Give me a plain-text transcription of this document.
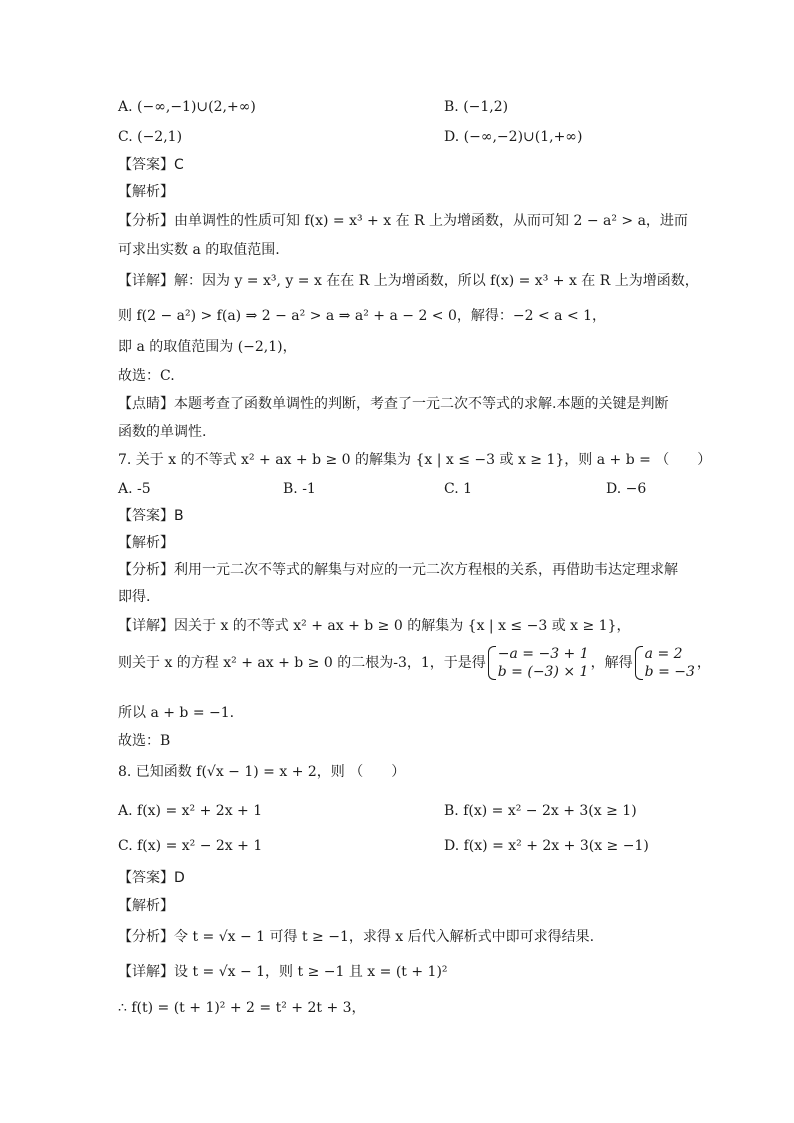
A. (−∞,−1)∪(2,+∞)	B. (−1,2)
C. (−2,1)	D. (−∞,−2)∪(1,+∞)
【答案】C
【解析】
【分析】由单调性的性质可知 f(x) = x³ + x 在 R 上为增函数，从而可知 2 − a² > a，进而
可求出实数 a 的取值范围.
【详解】解：因为 y = x³, y = x 在在 R 上为增函数，所以 f(x) = x³ + x 在 R 上为增函数，
则 f(2 − a²) > f(a) ⇒ 2 − a² > a ⇒ a² + a − 2 < 0，解得：−2 < a < 1，
即 a 的取值范围为 (−2,1)，
故选：C.
【点睛】本题考查了函数单调性的判断，考查了一元二次不等式的求解.本题的关键是判断
函数的单调性.
7. 关于 x 的不等式 x² + ax + b ≥ 0 的解集为 {x | x ≤ −3 或 x ≥ 1}，则 a + b = （　　）
A. -5	B. -1	C. 1	D. −6
【答案】B
【解析】
【分析】利用一元二次不等式的解集与对应的一元二次方程根的关系，再借助韦达定理求解
即得.
【详解】因关于 x 的不等式 x² + ax + b ≥ 0 的解集为 {x | x ≤ −3 或 x ≥ 1}，
则关于 x 的方程 x² + ax + b ≥ 0 的二根为-3，1，于是得
−a = −3 + 1
b = (−3) × 1
，解得
a = 2
b = −3
，
所以 a + b = −1.
故选：B
8. 已知函数 f(√x − 1) = x + 2，则 （　　）
A. f(x) = x² + 2x + 1	B. f(x) = x² − 2x + 3(x ≥ 1)
C. f(x) = x² − 2x + 1	D. f(x) = x² + 2x + 3(x ≥ −1)
【答案】D
【解析】
【分析】令 t = √x − 1 可得 t ≥ −1，求得 x 后代入解析式中即可求得结果.
【详解】设 t = √x − 1，则 t ≥ −1 且 x = (t + 1)²
∴ f(t) = (t + 1)² + 2 = t² + 2t + 3，
